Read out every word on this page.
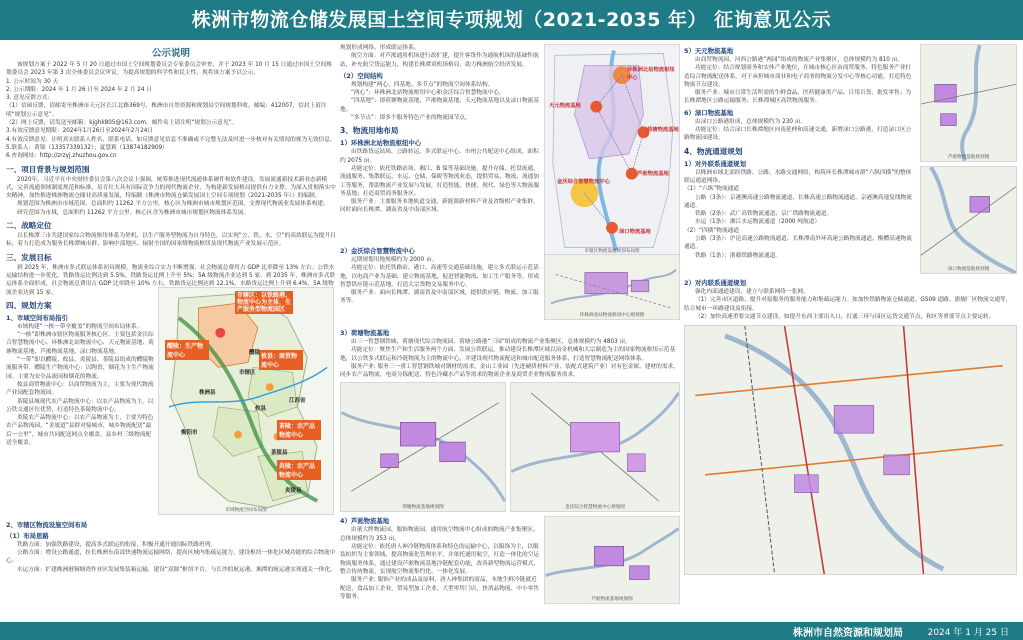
株洲市物流仓储发展国土空间专项规划（2021-2035 年） 征询意见公示
公示说明
该规划方案于 2022 年 5 月 20 日通过市国土空间规划委员会专家委员会审查，并于 2023 年 10 月 15 日通过市国土空间规划委员会 2023 年第 3 次全体委员会议审议。为提高规划的科学性和民主性，现将该方案予以公示。
1. 公示时间为 30 天
2. 公示期限：2024 年 1 月 26 日至 2024 年 2 月 24 日
3. 意见反馈方式：
（1）信函反馈，请邮寄至株洲市天元区长江北路369号，株洲市自然资源和规划局空间规划科收，邮编：412007，信封上请注明“规划公示意见”。
（2）网上反馈，请发送至邮箱：kjghk805@163.com，邮件名上请注明“规划公示意见”。
3.有效反馈意见期限：2024年1月26日至2024年2月24日
4.有效反馈意见：注明真实联系人姓名、联系电话，如反馈意见信息不准确或不完整无法及时进一步核对有关情况的视为无效信息。
5.联系人：黄锦（13357339132）；夏慧莉（13874182909）
6.查询网址：http://zrzyj.zhuzhou.gov.cn
一、项目背景与规划范围
2020年，习近平在中央财经委员会第八次会议上强调，统筹推进现代流通体系硬件和软件建设，发展流通新技术新业态新模式，完善流通领域制度规范和标准，培育壮大具有国际竞争力的现代物流企业，为构建新发展格局提供有力支撑。为深入贯彻落实中央精神，加快推进株洲物流仓储业高质量发展，特编制《株洲市物流仓储发展国土空间专项规划（2021-2035 年）》的编制。
规划范围为株洲市市域范围，总面积约 11262 平方公里。核心区为株洲市城市规划区范围，支撑现代物流业发展体系构建。
研究范围为市域，总面积约 11262 平方公里。核心区含为株洲市城市规划区物流体系发展。
二、战略定位
以长株潭三市共建国家综合物流枢纽体系为契机，以生产服务型物流为自身特色，以实现“公、铁、水、空”的高效联运为提升目标，着力打造成为服务长株潭城市群、影响中部地区、辐射全国的国家级物流枢纽及现代物流产业发展示范区。
三、发展目标
到 2025 年，株洲市多式联运体系初具规模，物流业综合实力不断增强，社会物流总费用占 GDP 比率降至 13% 左右；公铁水运输结构进一步优化，铁路货运比例达到 5.5%，铁路货运比例上升至 5%；5A 级物流企业达到 5 家。到 2035 年，株洲市多式联运体系全面形成，社会物流总费用占 GDP 比率降至 10% 左右，铁路货运比例达到 12.1%，水路货运比例上升到 6.4%，5A 级物流企业达到 15 家。
四、规划方案
1、市域空间布局指引
市域构建“一核一带全覆盖”的物流空间布局体系。
“一核”即株洲市辖区物流服务核心区。主要包括金沃综合智慧物流中心、环株洲北站物流中心、天元物流基地、荷塘物流基地、芦淞物流基地、渌口物流基地。
“一带”即以醴陵、攸县、炎陵县、茶陵县组成的醴陵物流服务带。醴陵生产物流中心：以陶瓷、烟花为主生产物流园。主要为安全品流园和烟花的物流。
攸县商贸物流中心：以商贸物流为主，主要为现代物流产业园配套物流园。
茶陵县城现代农产品物流中心：以农产品物流为主。以公铁交通区位优势，打造特色茶陵物流中心。
炎陵农产品物流中心：以农产品物流为主，主要为特色农产品物流园，“金厦道”县群对接城市，城乡物流配送“最后一公里”，城市共同配送网点全覆盖，县乡村三级物流配送全覆盖。
市辖区：以铁路港、物流中心为主体，生产服务型物流园区
醴陵：生产物流中心	攸县：商贸物流中心
茶陵：农产品物流中心
炎陵：农产品物流中心
市辖区
江西省
攸县
茶陵县
炎陵县
醴陵
株洲县
衡阳市
市域物流空间布局图
2、市辖区物流设施空间布局
（1）布局思路
铁路方面：加强铁路建设，提高多式联运的衔接，积极开通开通国际铁路班列。
公路方面：增设公路通道，拉长株洲东南部快速物流运输网络，提高区域内集疏运能力，建设枢纽一体化区域功能的综合物流中心。
水运方面：扩建株洲港铜塘湾作业区发展集装箱运输，建设“双源”枢纽平台，与长沙的航运港、湘潭的航运港实现通关一体化。
规划形成网络，形成联运体系。
航空方面：对芦淞通用机场进行改扩建，提升客货作为通航机场的基础性航站，补充航空货运能力，构建长株潭双机场格局，助力株洲航空经济发展。
（2）空间结构
规划构建“两心、四基地、多节点”的物流空间体系结构。
“两心”：环株洲北站物流枢纽中心和金沃综合智慧物流中心。
“四基地”：即荷塘物流基地、芦淞物流基地、天元物流基地以及渌口物流基地。
“多节点”：即多个服务特色产业的物流园节点。
3、物流用地布局
1）环株洲北站物流枢纽中心
由铁路货运站场、公路转运、多式联运中心、市州公共配送中心组成，面积约 2075 亩。
功能定位：依托铁路站场、湘江、B 保等基础设施，提升存储、托盘流通、流通服务、集散联运、水运、仓储、保税等物流业态，提供贸易、物流、流通加工等服务，帮助物流产业发展与发展，打造智能、快捷、现代、绿色等大物流服务基地；打造商贸商务服务区。
服务产业：主要服务本地轨道交通、新能源新材料产业及省级相产业集群，同时面向长株潭、湖南省及中南部区域。
环株洲北站物流枢纽中心
金沃综合智慧物流中心
荷塘物流基地
天元物流基地
芦淞物流基地
渌口物流基地
市辖区物流设施规划布局图
2）金沃综合智慧物流中心
远期规划用地规模约为 2000 亩。
功能定位：依托铁路站、港口、高速等交通基础设施，建立多式联运示范基地，以电商产业为基础，建立物流基地，促进智能物流、加工生产服务等，形成智慧供应链示范基地，打造大宗货物交易服务中心。
服务产业：面向长株潭、湖南省及中南部区域，提供供应链、物流、加工服务等。
环株洲北站物流枢纽中心规划图
3）荷塘物流基地
由三一智慧钢铁城、荷塘现代综合物流园、荷塘公路港“三园”组成的物流产业集聚区，总体规模约为 4803 亩。
功能定位：聚焦生产和生活服务两个方面，发展公铁联运，推动建设长株潭区域以冶金机械和大宗制造为主的国家物流枢纽示范基地，以公铁多式联运和冷链物流为主的物流中心，并建设现代物流配送和城市配送服务体系，打造智慧物流配送网络体系。
服务产业: 服务三一重工智慧钢铁城对钢材的需求，金山工业园（先进硬质材料产业、装配式建筑产业）对有色金属、建材的需求，同步农产品物流、电商分拣配送、特色冷藏水产品等需求的物流企业及商贸企业物流服务需求。
荷塘物流基地规划图	金沃综合智慧物流中心规划图
4）芦淞物流基地
由董大牌物流园、服饰物流园、通用航空物流中心组成的物流产业集聚区，总体规模约为 353 亩。
功能定位：依托唐人神冷链物流体系和特色的运输中心，以服饰为主，以服装纺织为主要领域，提高物流化管理水平，并依托通用航空，打造一体化的空运物流服务体系，通过建设芦淞物流基地冷链配套功能，改善新型物流运营模式，整合传统物流，实现航空物流集约化、一体化发展。
服务产业: 服饰产业的成品及原料，唐人神集团的商品，本地生鲜冷链就近配送，食品加工企业，贸易型加工企业，大型零售门店，快消品物流、中小零售等服务。
芦淞物流基地规划图
5）天元物流基地
由商贸物流园、河西公路港“两园”组成的物流产业集聚区，总体规模约为 810 亩。
功能定位：结合规划商务和实体产业地位，在城市核心区由商贸服务、特色服务产业打造综合物流配送体系，对于承担城市商业和电子商务的物流分发中心等核心功能，打造特色物流节点建设。
服务产业：城市日常生活所需的生鲜食品、医药健康类产品、日用百货、批发零售；为长株潭地区公路运输服务；长株潭城区高铁物流服务。
6）渌口物流基地
由渌口公路港组成，总体规模约为 230 亩。
功能定位：结合渌口长株潭地区向南延伸和高速交通，新增渌口公路港，打造渌口区公路物流园建设。
4、物流通道规划
1）对外联系通道规划
以株洲市域北部经铁路、公路、水路交通网络，构筑环长株潭城市群“六纵四横”的整体联运通道网络。
（1）“六纵”物流通道
公路（3条）：京港澳高速公路物流通道、长株高速公路物流通道、京港澳高速复线物流通道。
铁路（2条）：武广高铁物流通道、京广铁路物流通道。
水运（1条）：湘江水运物流通道（2000 吨航道）
（2）“四横”物流通道
公路（3条）：沪昆高速公路物流通道、长株潭南外环高速公路物流通道、衡醴高速物流通道。
铁路（1条）：浙赣铁路物流通道。
芦淞物流基地规划图
渌口物流基地规划图
2）对内联系通道规划
强化内部通道建设，建立与联系网络一张网。
（1）完善市区道路，提升对接服务的服务能力和集疏运能力。如加快铁路物流仓储通道、GS09 道路、旗舰厂区物流交通等，结合城市一环路建设及衔接。
（2）加快高速重要交通节点建设，如提升东西主要出入口，打通三环与园区运货交通节点，和区等重要节点主要运转。
株洲市自然资源和规划局	2024 年 1 月 25 日
